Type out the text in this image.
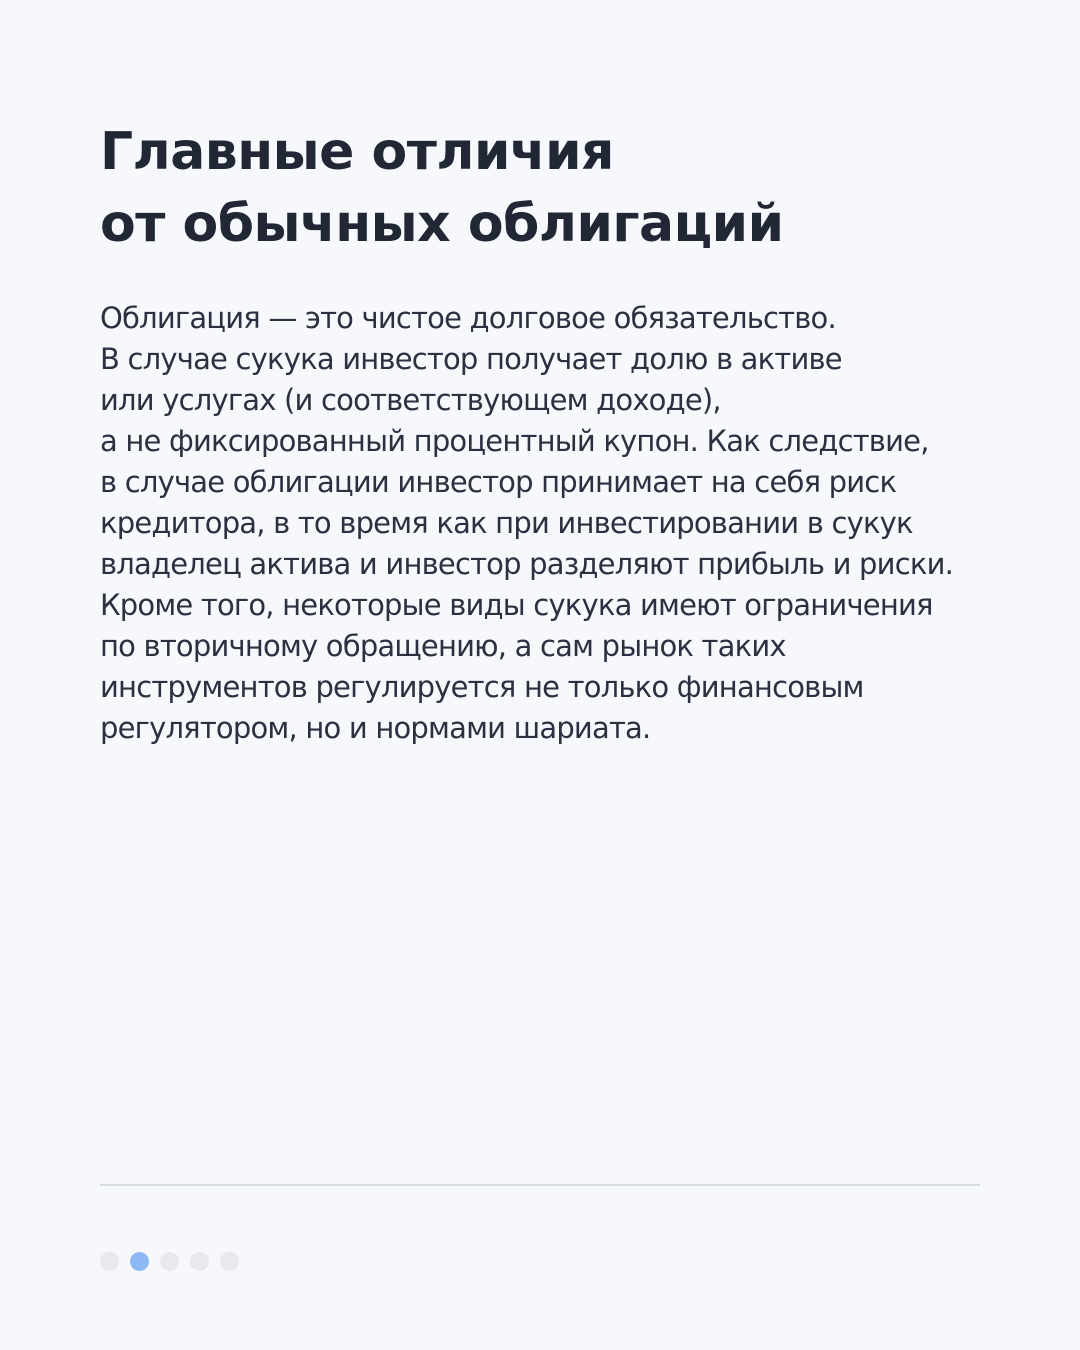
Главные отличия
от обычных облигаций

Облигация — это чистое долговое обязательство.
В случае сукука инвестор получает долю в активе
или услугах (и соответствующем доходе),
а не фиксированный процентный купон. Как следствие,
в случае облигации инвестор принимает на себя риск
кредитора, в то время как при инвестировании в сукук
владелец актива и инвестор разделяют прибыль и риски.
Кроме того, некоторые виды сукука имеют ограничения
по вторичному обращению, а сам рынок таких
инструментов регулируется не только финансовым
регулятором, но и нормами шариата.
